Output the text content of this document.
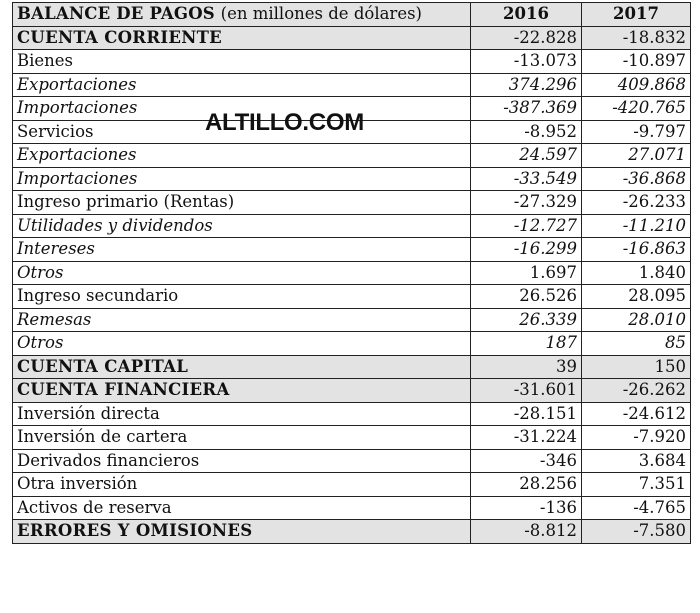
BALANCE DE PAGOS (en millones de dólares)	2016	2017
CUENTA CORRIENTE	-22.828	-18.832
Bienes	-13.073	-10.897
Exportaciones	374.296	409.868
Importaciones	-387.369	-420.765
Servicios	-8.952	-9.797
Exportaciones	24.597	27.071
Importaciones	-33.549	-36.868
Ingreso primario (Rentas)	-27.329	-26.233
Utilidades y dividendos	-12.727	-11.210
Intereses	-16.299	-16.863
Otros	1.697	1.840
Ingreso secundario	26.526	28.095
Remesas	26.339	28.010
Otros	187	85
CUENTA CAPITAL	39	150
CUENTA FINANCIERA	-31.601	-26.262
Inversión directa	-28.151	-24.612
Inversión de cartera	-31.224	-7.920
Derivados financieros	-346	3.684
Otra inversión	28.256	7.351
Activos de reserva	-136	-4.765
ERRORES Y OMISIONES	-8.812	-7.580
ALTILLO.COM
